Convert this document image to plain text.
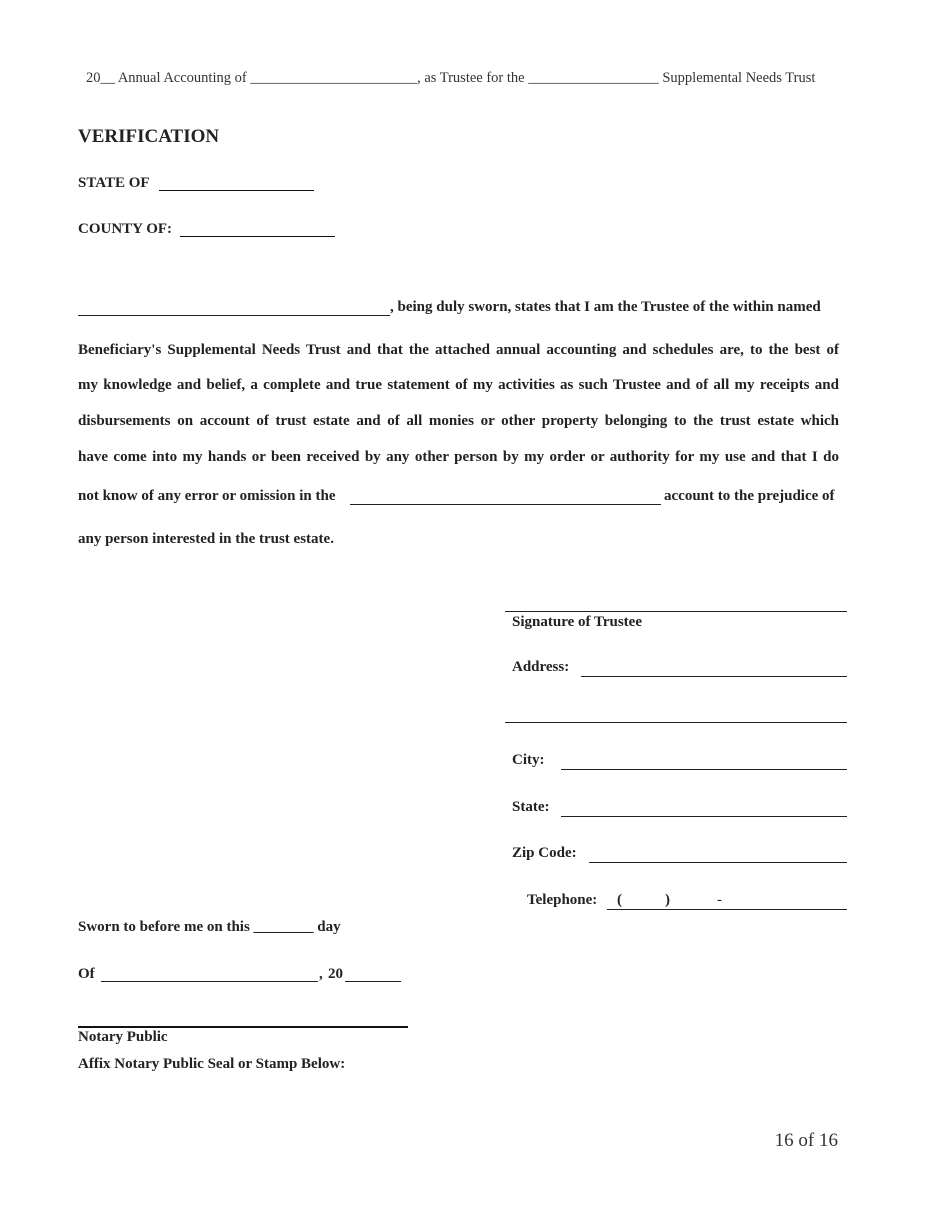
20__ Annual Accounting of _______________________, as Trustee for the __________________ Supplemental Needs Trust
VERIFICATION
STATE OF
COUNTY OF:
, being duly sworn, states that I am the Trustee of the within named
Beneficiary's Supplemental Needs Trust and that the attached annual accounting and schedules are, to the best of
my knowledge and belief, a complete and true statement of my activities as such Trustee and of all my receipts and
disbursements on account of trust estate and of all monies or other property belonging to the trust estate which
have come into my hands or been received by any other person by my order or authority for my use and that I do
not know of any error or omission in the	account to the prejudice of
any person interested in the trust estate.
Signature of Trustee
Address:
City:
State:
Zip Code:
Telephone: (	)	-
Sworn to before me on this ________ day
Of	, 20
Notary Public
Affix Notary Public Seal or Stamp Below:
16 of 16
